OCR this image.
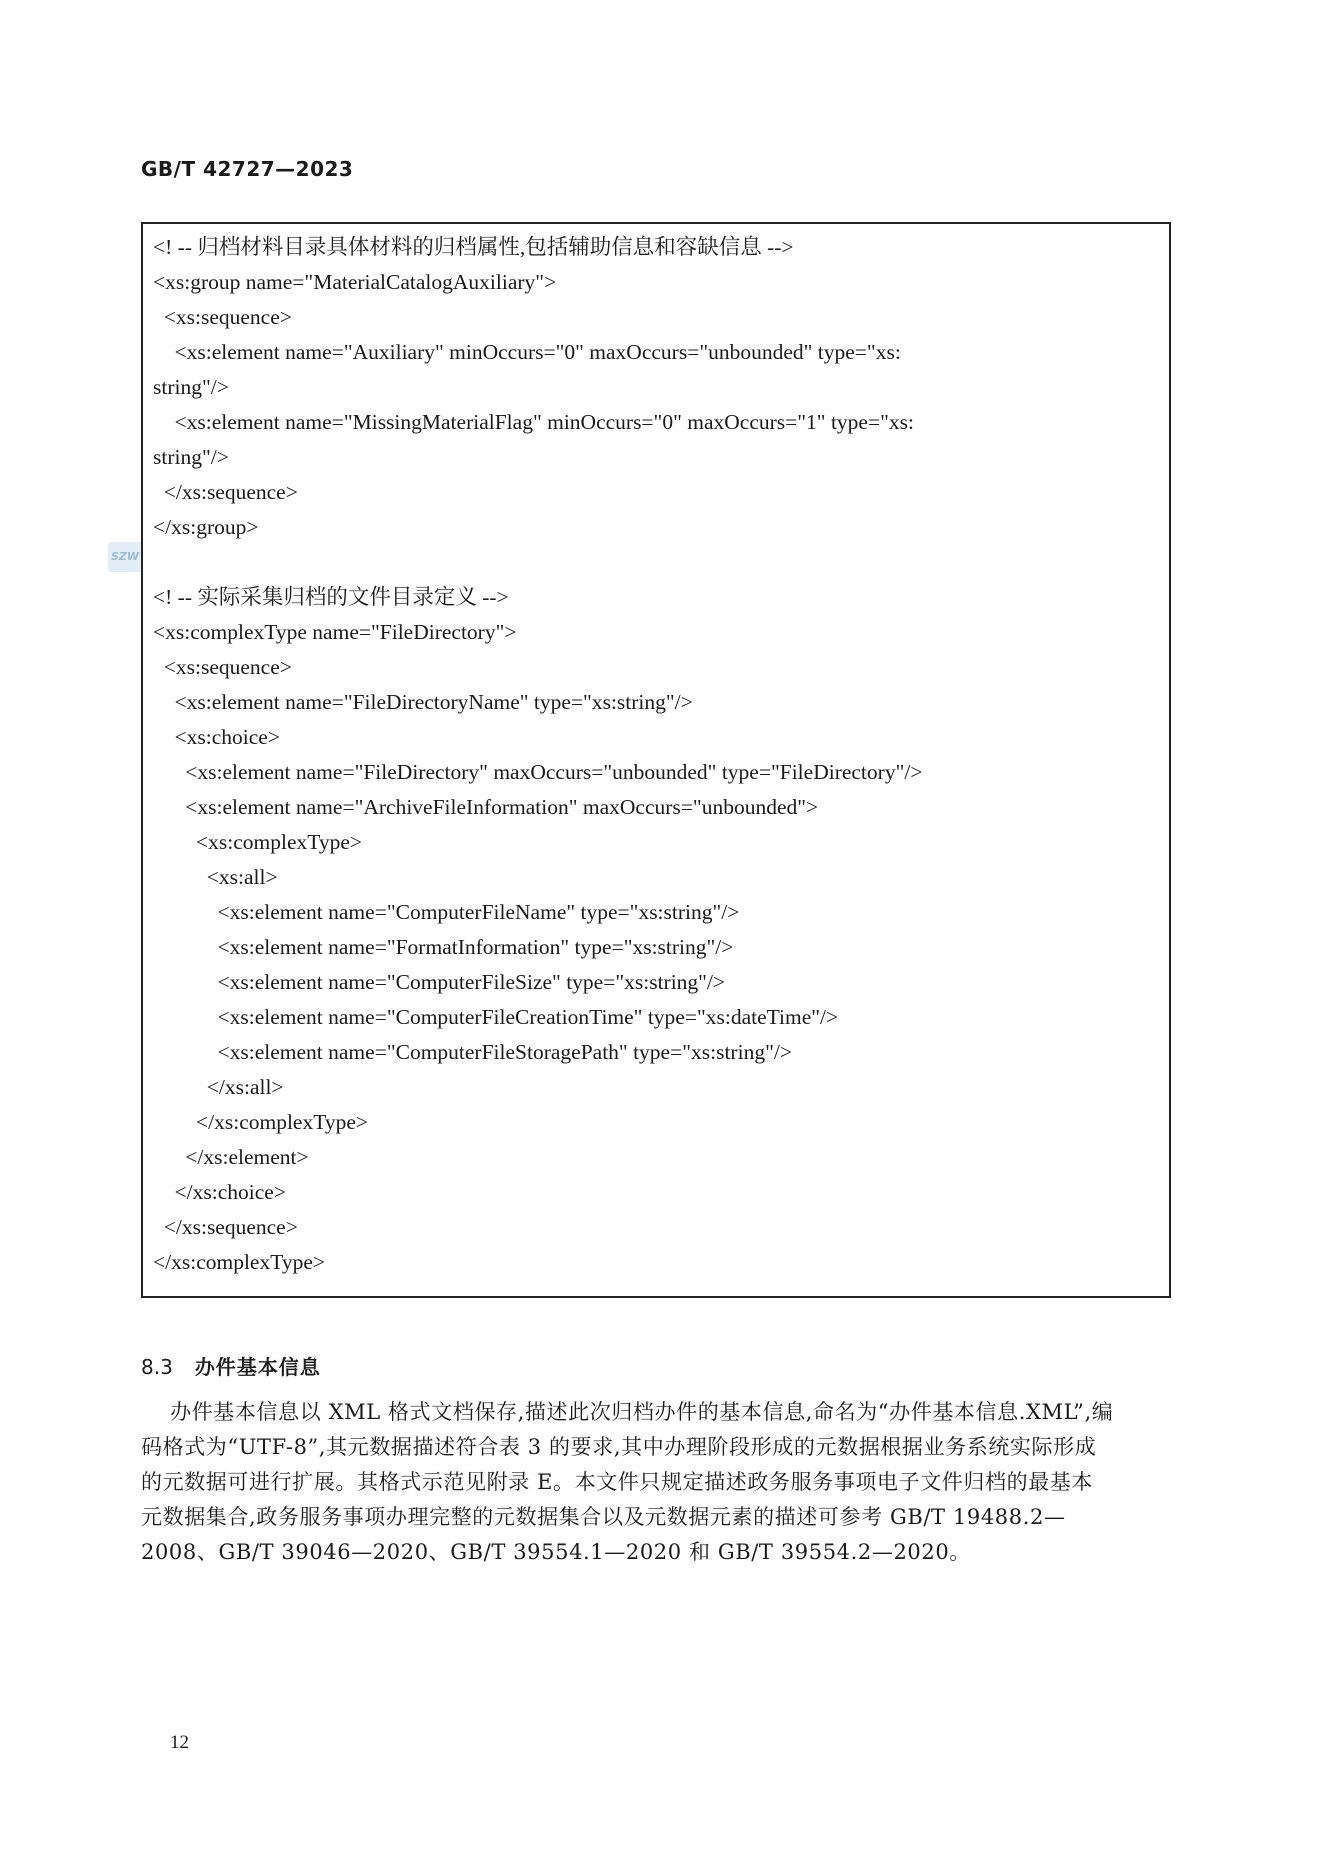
GB/T 42727—2023
SZW
<! -- 归档材料目录具体材料的归档属性,包括辅助信息和容缺信息 -->
<xs:group name="MaterialCatalogAuxiliary">
<xs:sequence>
<xs:element name="Auxiliary" minOccurs="0" maxOccurs="unbounded" type="xs:
string"/>
<xs:element name="MissingMaterialFlag" minOccurs="0" maxOccurs="1" type="xs:
string"/>
</xs:sequence>
</xs:group>
<! -- 实际采集归档的文件目录定义 -->
<xs:complexType name="FileDirectory">
<xs:sequence>
<xs:element name="FileDirectoryName" type="xs:string"/>
<xs:choice>
<xs:element name="FileDirectory" maxOccurs="unbounded" type="FileDirectory"/>
<xs:element name="ArchiveFileInformation" maxOccurs="unbounded">
<xs:complexType>
<xs:all>
<xs:element name="ComputerFileName" type="xs:string"/>
<xs:element name="FormatInformation" type="xs:string"/>
<xs:element name="ComputerFileSize" type="xs:string"/>
<xs:element name="ComputerFileCreationTime" type="xs:dateTime"/>
<xs:element name="ComputerFileStoragePath" type="xs:string"/>
</xs:all>
</xs:complexType>
</xs:element>
</xs:choice>
</xs:sequence>
</xs:complexType>
8.3 办件基本信息
办件基本信息以 XML 格式文档保存,描述此次归档办件的基本信息,命名为“办件基本信息.XML”,编
码格式为“UTF-8”,其元数据描述符合表 3 的要求,其中办理阶段形成的元数据根据业务系统实际形成
的元数据可进行扩展。其格式示范见附录 E。本文件只规定描述政务服务事项电子文件归档的最基本
元数据集合,政务服务事项办理完整的元数据集合以及元数据元素的描述可参考 GB/T 19488.2—
2008、GB/T 39046—2020、GB/T 39554.1—2020 和 GB/T 39554.2—2020。
12
